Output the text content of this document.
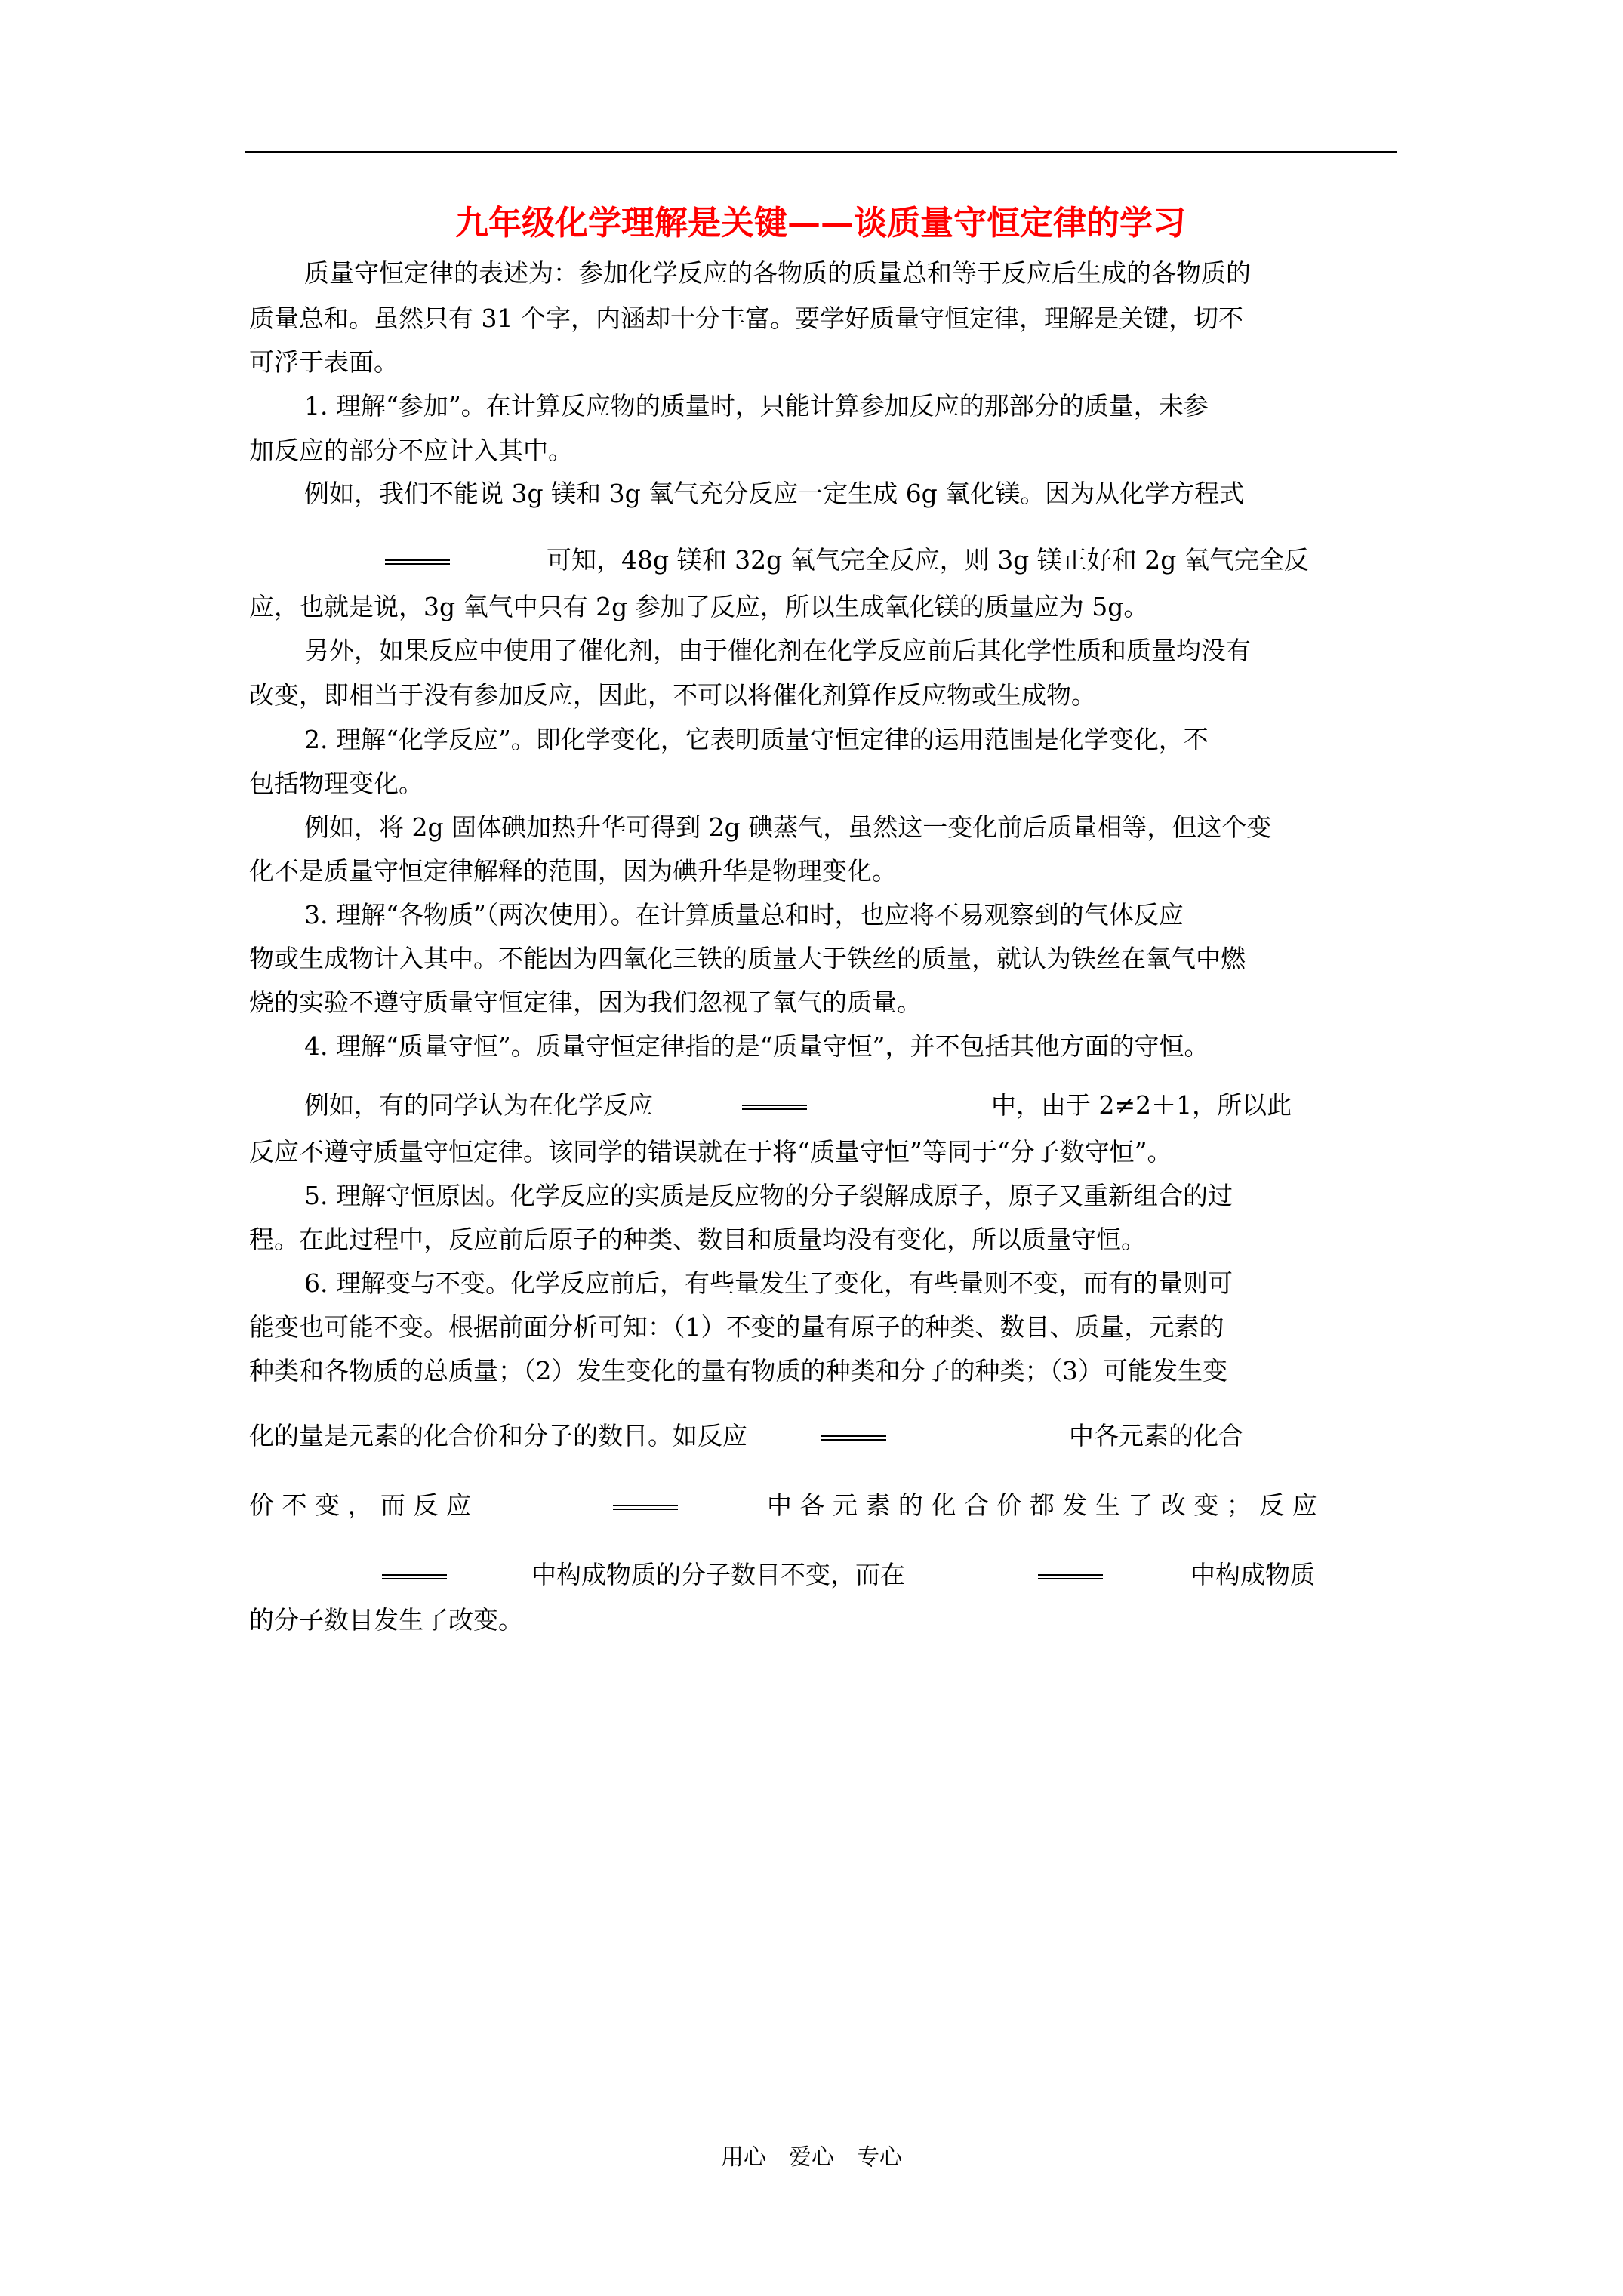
九年级化学理解是关键——谈质量守恒定律的学习
质量守恒定律的表述为：参加化学反应的各物质的质量总和等于反应后生成的各物质的
质量总和。虽然只有 31 个字，内涵却十分丰富。要学好质量守恒定律，理解是关键，切不
可浮于表面。
1. 理解“参加”。在计算反应物的质量时，只能计算参加反应的那部分的质量，未参
加反应的部分不应计入其中。
例如，我们不能说 3g 镁和 3g 氧气充分反应一定生成 6g 氧化镁。因为从化学方程式
可知，48g 镁和 32g 氧气完全反应，则 3g 镁正好和 2g 氧气完全反
应，也就是说，3g 氧气中只有 2g 参加了反应，所以生成氧化镁的质量应为 5g。
另外，如果反应中使用了催化剂，由于催化剂在化学反应前后其化学性质和质量均没有
改变，即相当于没有参加反应，因此，不可以将催化剂算作反应物或生成物。
2. 理解“化学反应”。即化学变化，它表明质量守恒定律的运用范围是化学变化，不
包括物理变化。
例如，将 2g 固体碘加热升华可得到 2g 碘蒸气，虽然这一变化前后质量相等，但这个变
化不是质量守恒定律解释的范围，因为碘升华是物理变化。
3. 理解“各物质”（两次使用）。在计算质量总和时，也应将不易观察到的气体反应
物或生成物计入其中。不能因为四氧化三铁的质量大于铁丝的质量，就认为铁丝在氧气中燃
烧的实验不遵守质量守恒定律，因为我们忽视了氧气的质量。
4. 理解“质量守恒”。质量守恒定律指的是“质量守恒”，并不包括其他方面的守恒。
例如，有的同学认为在化学反应	中，由于 2≠2＋1，所以此
反应不遵守质量守恒定律。该同学的错误就在于将“质量守恒”等同于“分子数守恒”。
5. 理解守恒原因。化学反应的实质是反应物的分子裂解成原子，原子又重新组合的过
程。在此过程中，反应前后原子的种类、数目和质量均没有变化，所以质量守恒。
6. 理解变与不变。化学反应前后，有些量发生了变化，有些量则不变，而有的量则可
能变也可能不变。根据前面分析可知：（1）不变的量有原子的种类、数目、质量，元素的
种类和各物质的总质量；（2）发生变化的量有物质的种类和分子的种类；（3）可能发生变
化的量是元素的化合价和分子的数目。如反应	中各元素的化合
价 不 变 ， 而 反 应	中 各 元 素 的 化 合 价 都 发 生 了 改 变 ； 反 应
中构成物质的分子数目不变，而在	中构成物质
的分子数目发生了改变。
用心　爱心　专心
